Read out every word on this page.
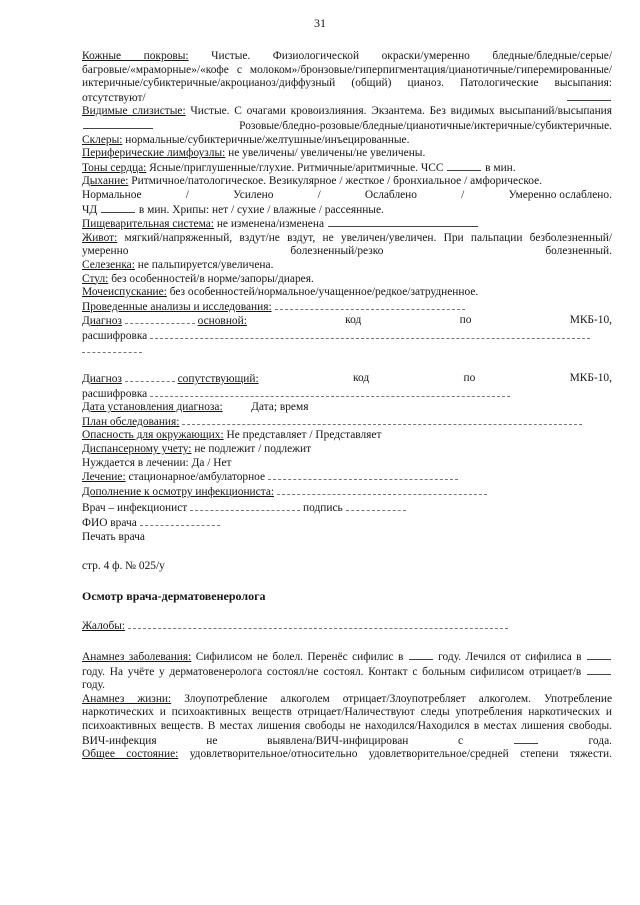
31

Кожные покровы: Чистые. Физиологической окраски/умеренно бледные/бледные/серые/багровые/«мраморные»/«кофе с молоком»/бронзовые/гиперпигментация/цианотичные/гиперемированные/иктеричные/субиктеричные/акроцианоз/диффузный (общий) цианоз. Патологические высыпания: отсутствуют/

Видимые слизистые: Чистые. С очагами кровоизлияния. Экзантема. Без видимых высыпаний/высыпания  Розовые/бледно-розовые/бледные/цианотичные/иктеричные/субиктеричные.

Склеры: нормальные/субиктеричные/желтушные/инъецированные.

Периферические лимфоузлы: не увеличены/ увеличены/не увеличены.

Тоны сердца: Ясные/приглушенные/глухие. Ритмичные/аритмичные. ЧСС	в мин.

Дыхание: Ритмичное/патологическое. Везикулярное / жесткое / бронхиальное / амфорическое.

Нормальное	/	Усилено	/	Ослаблено	/	Умеренно ослаблено.

ЧД	в мин. Хрипы: нет / сухие / влажные / рассеянные.

Пищеварительная система: не изменена/изменена

Живот: мягкий/напряженный, вздут/не вздут, не увеличен/увеличен. При пальпации безболезненный/умеренно болезненный/резко болезненный.

Селезенка: не пальпируется/увеличена.

Стул: без особенностей/в норме/запоры/диарея.

Мочеиспускание: без особенностей/нормальное/учащенное/редкое/затрудненное.

Проведенные анализы и исследования:

Диагноз	основной:	код	по	МКБ-10,

расшифровка

Диагноз	сопутствующий:	код	по	МКБ-10,

расшифровка

Дата установления диагноза: Дата; время

План обследования:

Опасность для окружающих: Не представляет / Представляет

Диспансерному учету: не подлежит / подлежит

Нуждается в лечении: Да / Нет

Лечение: стационарное/амбулаторное

Дополнение к осмотру инфекциониста:

Врач – инфекционист	подпись

ФИО врача

Печать врача

стр. 4 ф. № 025/у

Осмотр врача-дерматовенеролога

Жалобы:

Анамнез заболевания: Сифилисом не болел. Перенёс сифилис в	году. Лечился от сифилиса в  году. На учёте у дерматовенеролога состоял/не состоял. Контакт с больным сифилисом отрицает/в  году.

Анамнез жизни: Злоупотребление алкоголем отрицает/Злоупотребляет алкоголем. Употребление наркотических и психоактивных веществ отрицает/Наличествуют следы употребления наркотических и психоактивных веществ. В местах лишения свободы не находился/Находился в местах лишения свободы. ВИЧ-инфекция не выявлена/ВИЧ-инфицирован с	года.

Общее состояние: удовлетворительное/относительно удовлетворительное/средней степени тяжести.
